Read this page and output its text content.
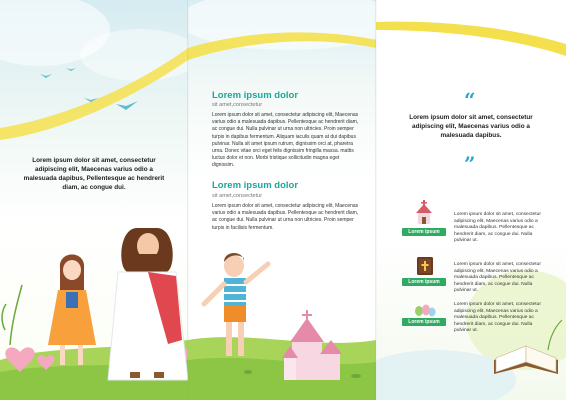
Lorem ipsum dolor sit amet, consectetur adipiscing elit, Maecenas varius odio a malesuada dapibus, Pellentesque ac hendrerit diam, ac congue dui.
Lorem ipsum dolor
sit amet,consectetur
Lorem ipsum dolor sit amet, consectetur adipiscing elit, Maecenas varius odio a malesuada dapibus. Pellentesque ac hendrerit diam, ac congue dui. Nulla pulvinar ut urna non ultricies. Proin semper turpis in dapibus fermentum. Aliquam iaculis quam at dui dapibus pulvinar. Nulla sit amet ipsum rutrum, dignissim orci at, pharetra urna. Donec vitae orci eget felis dignissim fringilla massa. mattis luctus dolor et non. Morbi tristique sollicitudin magna eget dignissim.
Lorem ipsum dolor
sit amet,consectetur
Lorem ipsum dolor sit amet, consectetur adipiscing elit, Maecenas varius odio a malesuada dapibus. Pellentesque ac hendrerit diam, ac congue dui. Nulla pulvinar ut urna non ultricies. Proin semper turpis in facilisis fermentum.
“
Lorem ipsum dolor sit amet, consectetur adipiscing elit, Maecenas varius odio a malesuada dapibus.
”
Lorem ipsum
Lorem ipsum dolor sit amet, consectetur adipiscing elit, Maecenas varius odio a malesuada dapibus. Pellentesque ac hendrerit diam, ac congue dui. Nulla pulvinar ut.
Lorem ipsum
Lorem ipsum dolor sit amet, consectetur adipiscing elit, Maecenas varius odio a malesuada dapibus. Pellentesque ac hendrerit diam, ac congue dui. Nulla pulvinar ut.
Lorem ipsum
Lorem ipsum dolor sit amet, consectetur adipiscing elit, Maecenas varius odio a malesuada dapibus. Pellentesque ac hendrerit diam, ac congue dui. Nulla pulvinar ut.
